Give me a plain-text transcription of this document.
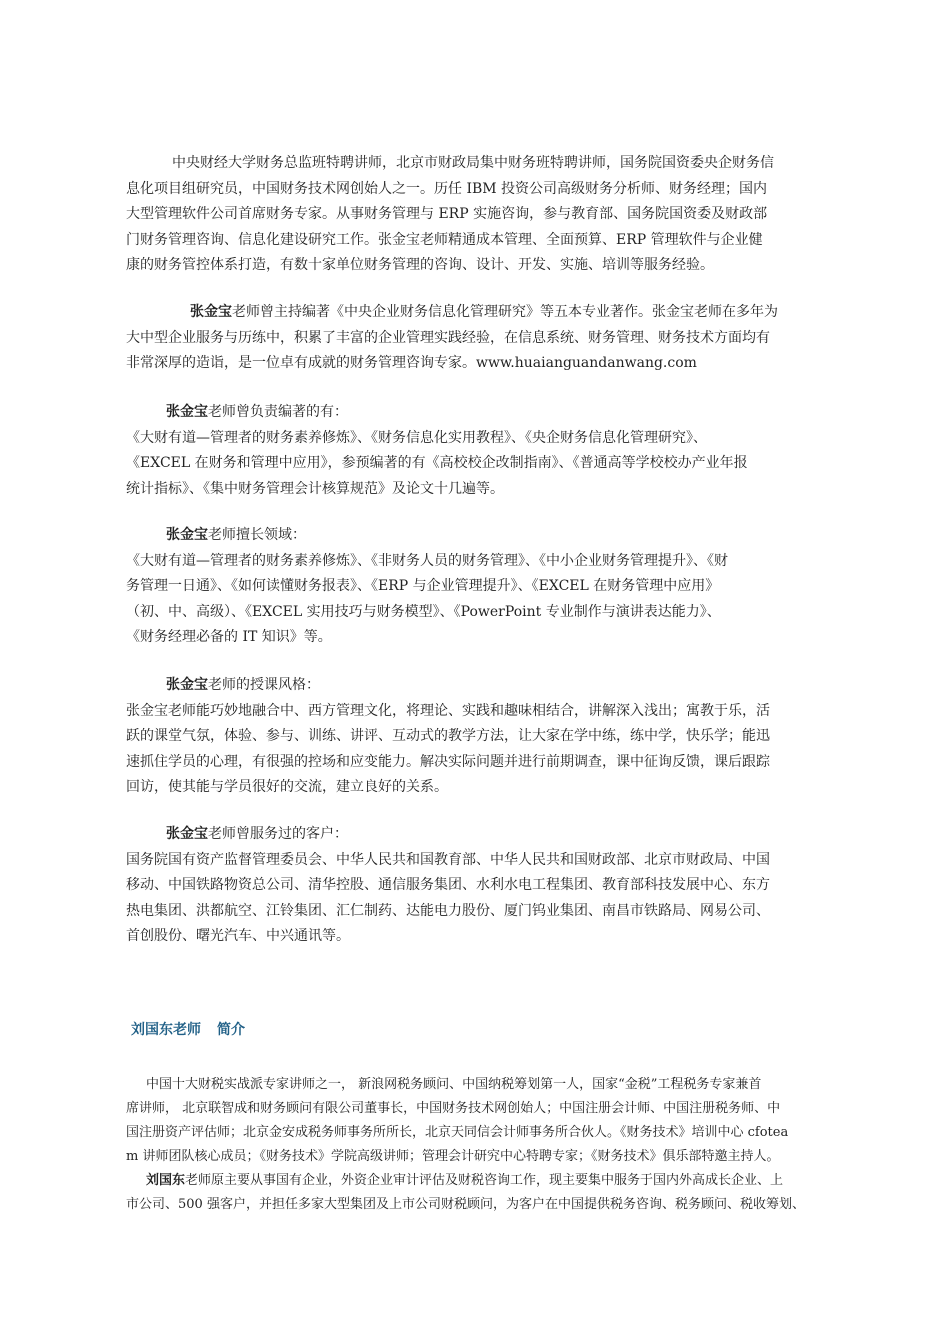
中央财经大学财务总监班特聘讲师，北京市财政局集中财务班特聘讲师，国务院国资委央企财务信
息化项目组研究员，中国财务技术网创始人之一。历任 IBM 投资公司高级财务分析师、财务经理；国内
大型管理软件公司首席财务专家。从事财务管理与 ERP 实施咨询，参与教育部、国务院国资委及财政部
门财务管理咨询、信息化建设研究工作。张金宝老师精通成本管理、全面预算、ERP 管理软件与企业健
康的财务管控体系打造，有数十家单位财务管理的咨询、设计、开发、实施、培训等服务经验。
张金宝老师曾主持编著《中央企业财务信息化管理研究》等五本专业著作。张金宝老师在多年为
大中型企业服务与历练中，积累了丰富的企业管理实践经验，在信息系统、财务管理、财务技术方面均有
非常深厚的造诣，是一位卓有成就的财务管理咨询专家。www.huaianguandanwang.com
张金宝老师曾负责编著的有：
《大财有道—管理者的财务素养修炼》、《财务信息化实用教程》、《央企财务信息化管理研究》、
《EXCEL 在财务和管理中应用》，参预编著的有《高校校企改制指南》、《普通高等学校校办产业年报
统计指标》、《集中财务管理会计核算规范》及论文十几遍等。
张金宝老师擅长领域：
《大财有道—管理者的财务素养修炼》、《非财务人员的财务管理》、《中小企业财务管理提升》、《财
务管理一日通》、《如何读懂财务报表》、《ERP 与企业管理提升》、《EXCEL 在财务管理中应用》
（初、中、高级）、《EXCEL 实用技巧与财务模型》、《PowerPoint 专业制作与演讲表达能力》、
《财务经理必备的 IT 知识》等。
张金宝老师的授课风格：
张金宝老师能巧妙地融合中、西方管理文化，将理论、实践和趣味相结合，讲解深入浅出；寓教于乐，活
跃的课堂气氛，体验、参与、训练、讲评、互动式的教学方法，让大家在学中练，练中学，快乐学；能迅
速抓住学员的心理，有很强的控场和应变能力。解决实际问题并进行前期调查，课中征询反馈，课后跟踪
回访，使其能与学员很好的交流，建立良好的关系。
张金宝老师曾服务过的客户：
国务院国有资产监督管理委员会、中华人民共和国教育部、中华人民共和国财政部、北京市财政局、中国
移动、中国铁路物资总公司、清华控股、通信服务集团、水利水电工程集团、教育部科技发展中心、东方
热电集团、洪都航空、江铃集团、汇仁制药、达能电力股份、厦门钨业集团、南昌市铁路局、网易公司、
首创股份、曙光汽车、中兴通讯等。
刘国东老师 简介
中国十大财税实战派专家讲师之一， 新浪网税务顾问、中国纳税筹划第一人，国家“金税”工程税务专家兼首
席讲师， 北京联智成和财务顾问有限公司董事长，中国财务技术网创始人；中国注册会计师、中国注册税务师、中
国注册资产评估师；北京金安成税务师事务所所长，北京天同信会计师事务所合伙人。《财务技术》培训中心 cfotea
m 讲师团队核心成员；《财务技术》学院高级讲师；管理会计研究中心特聘专家；《财务技术》俱乐部特邀主持人。
刘国东老师原主要从事国有企业，外资企业审计评估及财税咨询工作，现主要集中服务于国内外高成长企业、上
市公司、500 强客户，并担任多家大型集团及上市公司财税顾问，为客户在中国提供税务咨询、税务顾问、税收筹划、
